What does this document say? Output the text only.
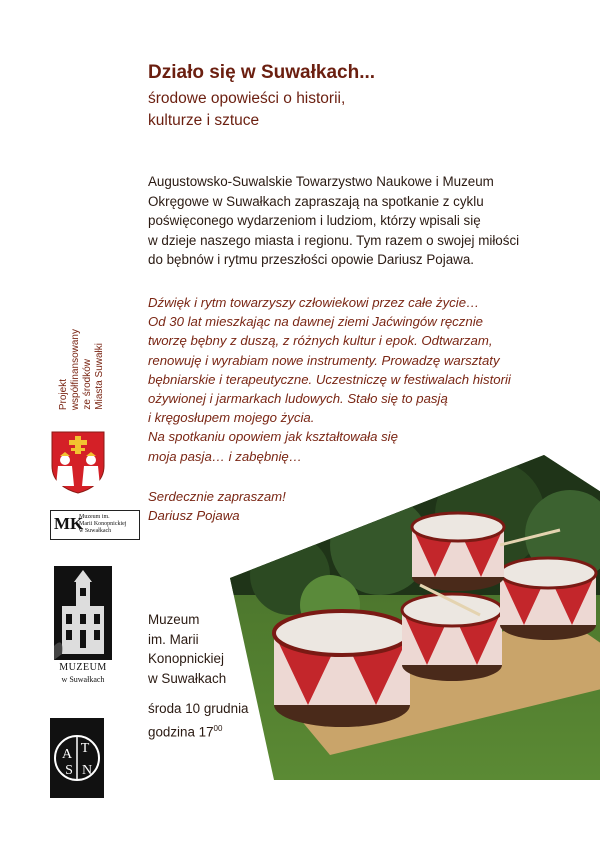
Działo się w Suwałkach...
środowe opowieści o historii,
kulturze i sztuce
Augustowsko-Suwalskie Towarzystwo Naukowe i Muzeum
Okręgowe w Suwałkach zapraszają na spotkanie z cyklu
poświęconego wydarzeniom i ludziom, którzy wpisali się
w dzieje naszego miasta i regionu. Tym razem o swojej miłości
do bębnów i rytmu przeszłości opowie Dariusz Pojawa.
Dźwięk i rytm towarzyszy człowiekowi przez całe życie…
Od 30 lat mieszkając na dawnej ziemi Jaćwingów ręcznie
tworzę bębny z duszą, z różnych kultur i epok. Odtwarzam,
renowuję i wyrabiam nowe instrumenty. Prowadzę warsztaty
bębniarskie i terapeutyczne. Uczestniczę w festiwalach historii
ożywionej i jarmarkach ludowych. Stało się to pasją
i kręgosłupem mojego życia.
Na spotkaniu opowiem jak kształtowała się
moja pasja… i zabębnię…
Serdecznie zapraszam!
Dariusz Pojawa
Muzeum
im. Marii
Konopnickiej
w Suwałkach
środa 10 grudnia
godzina $17^{00}$
Projekt współfinansowany ze środków Miasta Suwałki
MK
Muzeum im.
Marii Konopnickiej
w Suwałkach
MUZEUM
w Suwałkach
A T
S N
